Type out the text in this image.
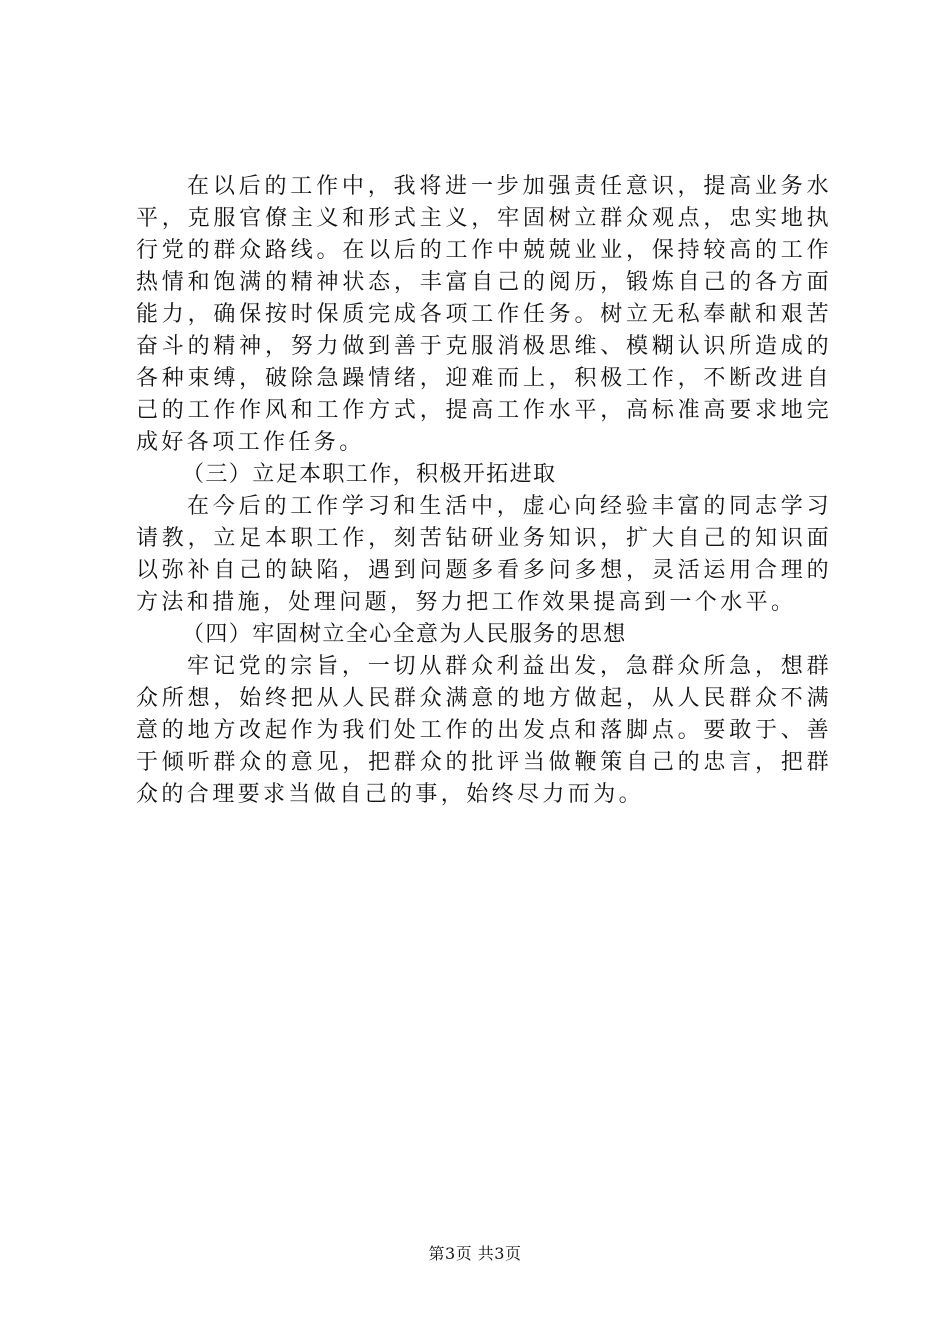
在以后的工作中，我将进一步加强责任意识，提高业务水平，克服官僚主义和形式主义，牢固树立群众观点，忠实地执行党的群众路线。在以后的工作中兢兢业业，保持较高的工作热情和饱满的精神状态，丰富自己的阅历，锻炼自己的各方面能力，确保按时保质完成各项工作任务。树立无私奉献和艰苦奋斗的精神，努力做到善于克服消极思维、模糊认识所造成的各种束缚，破除急躁情绪，迎难而上，积极工作，不断改进自己的工作作风和工作方式，提高工作水平，高标准高要求地完成好各项工作任务。

（三）立足本职工作，积极开拓进取

在今后的工作学习和生活中，虚心向经验丰富的同志学习请教，立足本职工作，刻苦钻研业务知识，扩大自己的知识面以弥补自己的缺陷，遇到问题多看多问多想，灵活运用合理的方法和措施，处理问题，努力把工作效果提高到一个水平。

（四）牢固树立全心全意为人民服务的思想

牢记党的宗旨，一切从群众利益出发，急群众所急，想群众所想，始终把从人民群众满意的地方做起，从人民群众不满意的地方改起作为我们处工作的出发点和落脚点。要敢于、善于倾听群众的意见，把群众的批评当做鞭策自己的忠言，把群众的合理要求当做自己的事，始终尽力而为。

第3页 共3页
